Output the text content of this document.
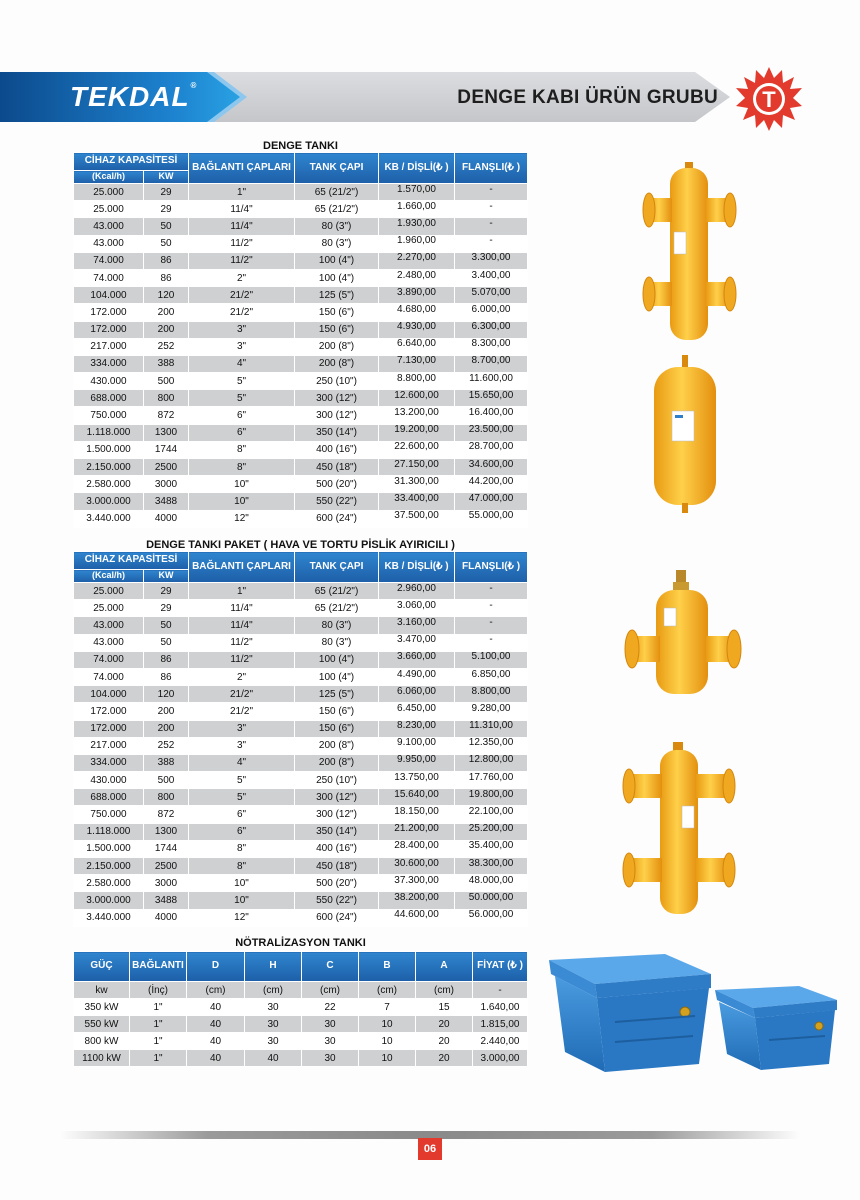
TEKDAL®
DENGE KABI ÜRÜN GRUBU T
DENGE TANKI
CİHAZ KAPASİTESİ		BAĞLANTI ÇAPLARI	TANK ÇAPI	KB / DİŞLİ(₺ )	FLANŞLI(₺ )
(Kcal/h)	KW				
25.000	29	1"	65 (21/2")	1.570,00	-
25.000	29	11/4"	65 (21/2")	1.660,00	-
43.000	50	11/4"	80 (3")	1.930,00	-
43.000	50	11/2"	80 (3")	1.960,00	-
74.000	86	11/2"	100 (4")	2.270,00	3.300,00
74.000	86	2"	100 (4")	2.480,00	3.400,00
104.000	120	21/2"	125 (5")	3.890,00	5.070,00
172.000	200	21/2"	150 (6")	4.680,00	6.000,00
172.000	200	3"	150 (6")	4.930,00	6.300,00
217.000	252	3"	200 (8")	6.640,00	8.300,00
334.000	388	4"	200 (8")	7.130,00	8.700,00
430.000	500	5"	250 (10")	8.800,00	11.600,00
688.000	800	5"	300 (12")	12.600,00	15.650,00
750.000	872	6"	300 (12")	13.200,00	16.400,00
1.118.000	1300	6"	350 (14")	19.200,00	23.500,00
1.500.000	1744	8"	400 (16")	22.600,00	28.700,00
2.150.000	2500	8"	450 (18")	27.150,00	34.600,00
2.580.000	3000	10"	500 (20")	31.300,00	44.200,00
3.000.000	3488	10"	550 (22")	33.400,00	47.000,00
3.440.000	4000	12"	600 (24")	37.500,00	55.000,00
DENGE TANKI PAKET ( HAVA VE TORTU PİSLİK AYIRICILI )
CİHAZ KAPASİTESİ		BAĞLANTI ÇAPLARI	TANK ÇAPI	KB / DİŞLİ(₺ )	FLANŞLI(₺ )
(Kcal/h)	KW				
25.000	29	1"	65 (21/2")	2.960,00	-
25.000	29	11/4"	65 (21/2")	3.060,00	-
43.000	50	11/4"	80 (3")	3.160,00	-
43.000	50	11/2"	80 (3")	3.470,00	-
74.000	86	11/2"	100 (4")	3.660,00	5.100,00
74.000	86	2"	100 (4")	4.490,00	6.850,00
104.000	120	21/2"	125 (5")	6.060,00	8.800,00
172.000	200	21/2"	150 (6")	6.450,00	9.280,00
172.000	200	3"	150 (6")	8.230,00	11.310,00
217.000	252	3"	200 (8")	9.100,00	12.350,00
334.000	388	4"	200 (8")	9.950,00	12.800,00
430.000	500	5"	250 (10")	13.750,00	17.760,00
688.000	800	5"	300 (12")	15.640,00	19.800,00
750.000	872	6"	300 (12")	18.150,00	22.100,00
1.118.000	1300	6"	350 (14")	21.200,00	25.200,00
1.500.000	1744	8"	400 (16")	28.400,00	35.400,00
2.150.000	2500	8"	450 (18")	30.600,00	38.300,00
2.580.000	3000	10"	500 (20")	37.300,00	48.000,00
3.000.000	3488	10"	550 (22")	38.200,00	50.000,00
3.440.000	4000	12"	600 (24")	44.600,00	56.000,00
NÖTRALİZASYON TANKI
GÜÇ	BAĞLANTI	D	H	C	B	A	FİYAT (₺ )
kw	(İnç)	(cm)	(cm)	(cm)	(cm)	(cm)	-
350 kW	1"	40	30	22	7	15	1.640,00
550 kW	1"	40	30	30	10	20	1.815,00
800 kW	1"	40	30	30	10	20	2.440,00
1100 kW	1"	40	40	30	10	20	3.000,00
06
